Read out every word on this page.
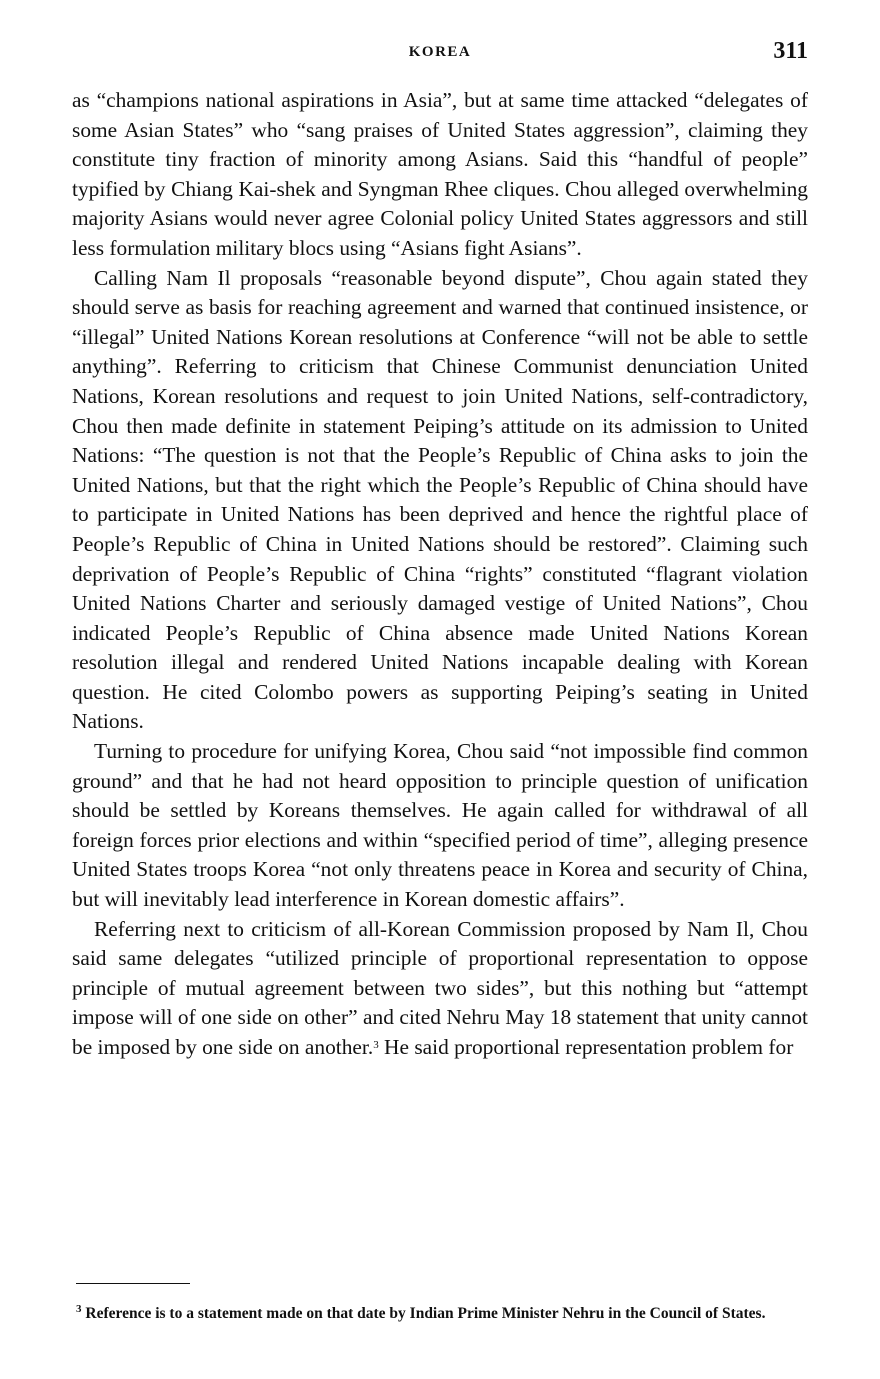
KOREA	311

as “champions national aspirations in Asia”, but at same time attacked “delegates of some Asian States” who “sang praises of United States aggression”, claiming they constitute tiny fraction of minority among Asians. Said this “handful of people” typified by Chiang Kai-shek and Syngman Rhee cliques. Chou alleged overwhelming majority Asians would never agree Colonial policy United States aggressors and still less formulation military blocs using “Asians fight Asians”.

Calling Nam Il proposals “reasonable beyond dispute”, Chou again stated they should serve as basis for reaching agreement and warned that continued insistence, or “illegal” United Nations Korean resolutions at Conference “will not be able to settle anything”. Referring to criticism that Chinese Communist denunciation United Nations, Korean resolutions and request to join United Nations, self-contradictory, Chou then made definite in statement Peiping’s attitude on its admission to United Nations: “The question is not that the People’s Republic of China asks to join the United Nations, but that the right which the People’s Republic of China should have to participate in United Nations has been deprived and hence the rightful place of People’s Republic of China in United Nations should be restored”. Claiming such deprivation of People’s Republic of China “rights” constituted “flagrant violation United Nations Charter and seriously damaged vestige of United Nations”, Chou indicated People’s Republic of China absence made United Nations Korean resolution illegal and rendered United Nations incapable dealing with Korean question. He cited Colombo powers as supporting Peiping’s seating in United Nations.

Turning to procedure for unifying Korea, Chou said “not impossible find common ground” and that he had not heard opposition to principle question of unification should be settled by Koreans themselves. He again called for withdrawal of all foreign forces prior elections and within “specified period of time”, alleging presence United States troops Korea “not only threatens peace in Korea and security of China, but will inevitably lead interference in Korean domestic affairs”.

Referring next to criticism of all-Korean Commission proposed by Nam Il, Chou said same delegates “utilized principle of proportional representation to oppose principle of mutual agreement between two sides”, but this nothing but “attempt impose will of one side on other” and cited Nehru May 18 statement that unity cannot be imposed by one side on another.$^3$ He said proportional representation problem for

$^3$ Reference is to a statement made on that date by Indian Prime Minister Nehru in the Council of States.
